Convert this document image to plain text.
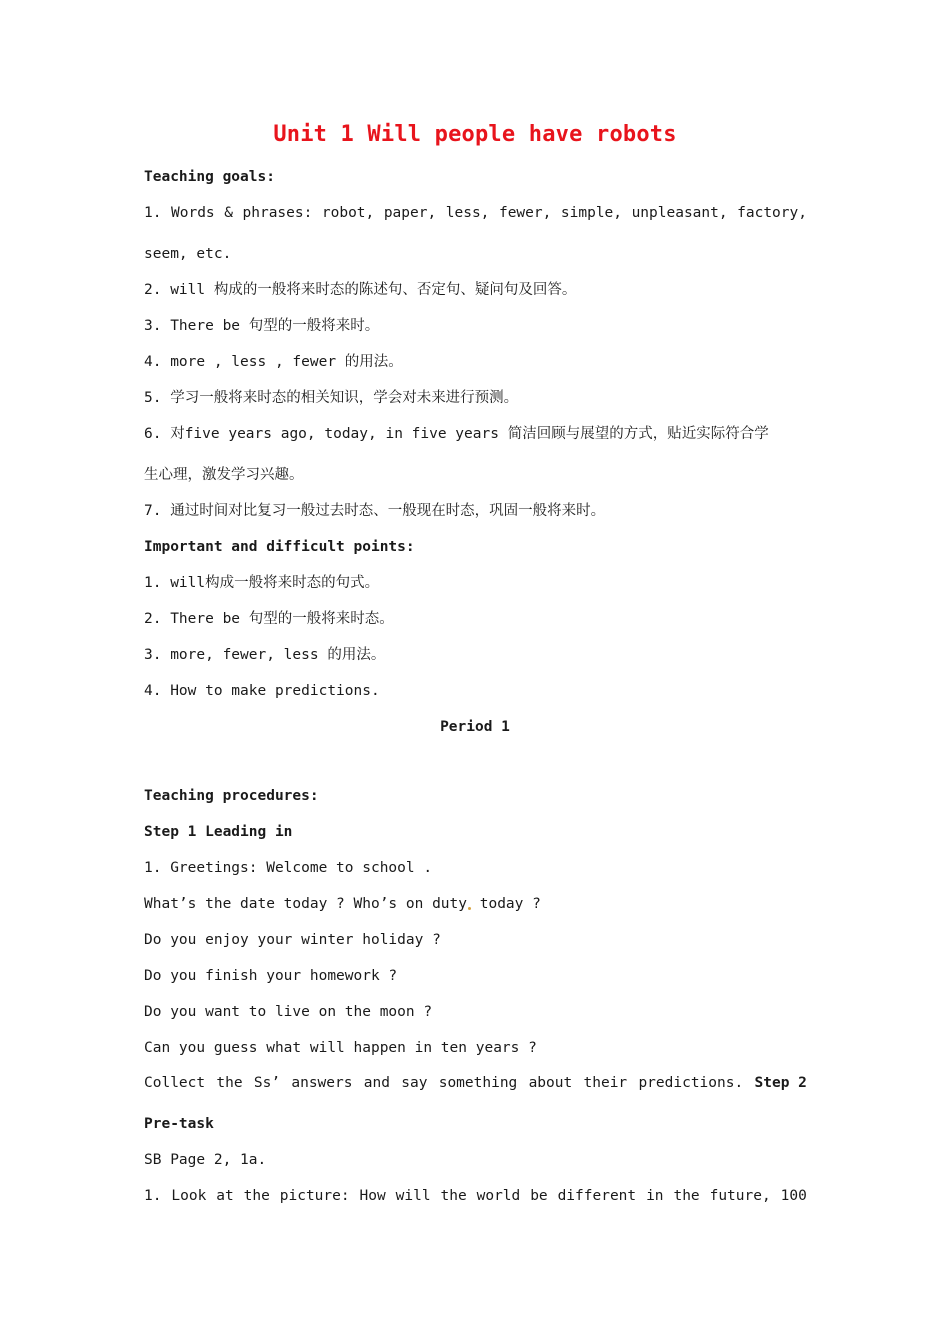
Unit 1 Will people have robots
Teaching goals:
1. Words & phrases: robot, paper, less, fewer, simple, unpleasant, factory,
seem, etc.
2. will 构成的一般将来时态的陈述句、否定句、疑问句及回答。
3. There be 句型的一般将来时。
4. more , less , fewer 的用法。
5. 学习一般将来时态的相关知识，学会对未来进行预测。
6. 对five years ago, today, in five years 简洁回顾与展望的方式，贴近实际符合学
生心理，激发学习兴趣。
7. 通过时间对比复习一般过去时态、一般现在时态，巩固一般将来时。
Important and difficult points:
1. will构成一般将来时态的句式。
2. There be 句型的一般将来时态。
3. more, fewer, less 的用法。
4. How to make predictions.
Period 1
Teaching procedures:
Step 1 Leading in
1. Greetings: Welcome to school .
What’s the date today ? Who’s on duty today ?
Do you enjoy your winter holiday ?
Do you finish your homework ?
Do you want to live on the moon ?
Can you guess what will happen in ten years ?
Collect the Ss’ answers and say something about their predictions. Step 2
Pre-task
SB Page 2, 1a.
1. Look at the picture: How will the world be different in the future, 100
